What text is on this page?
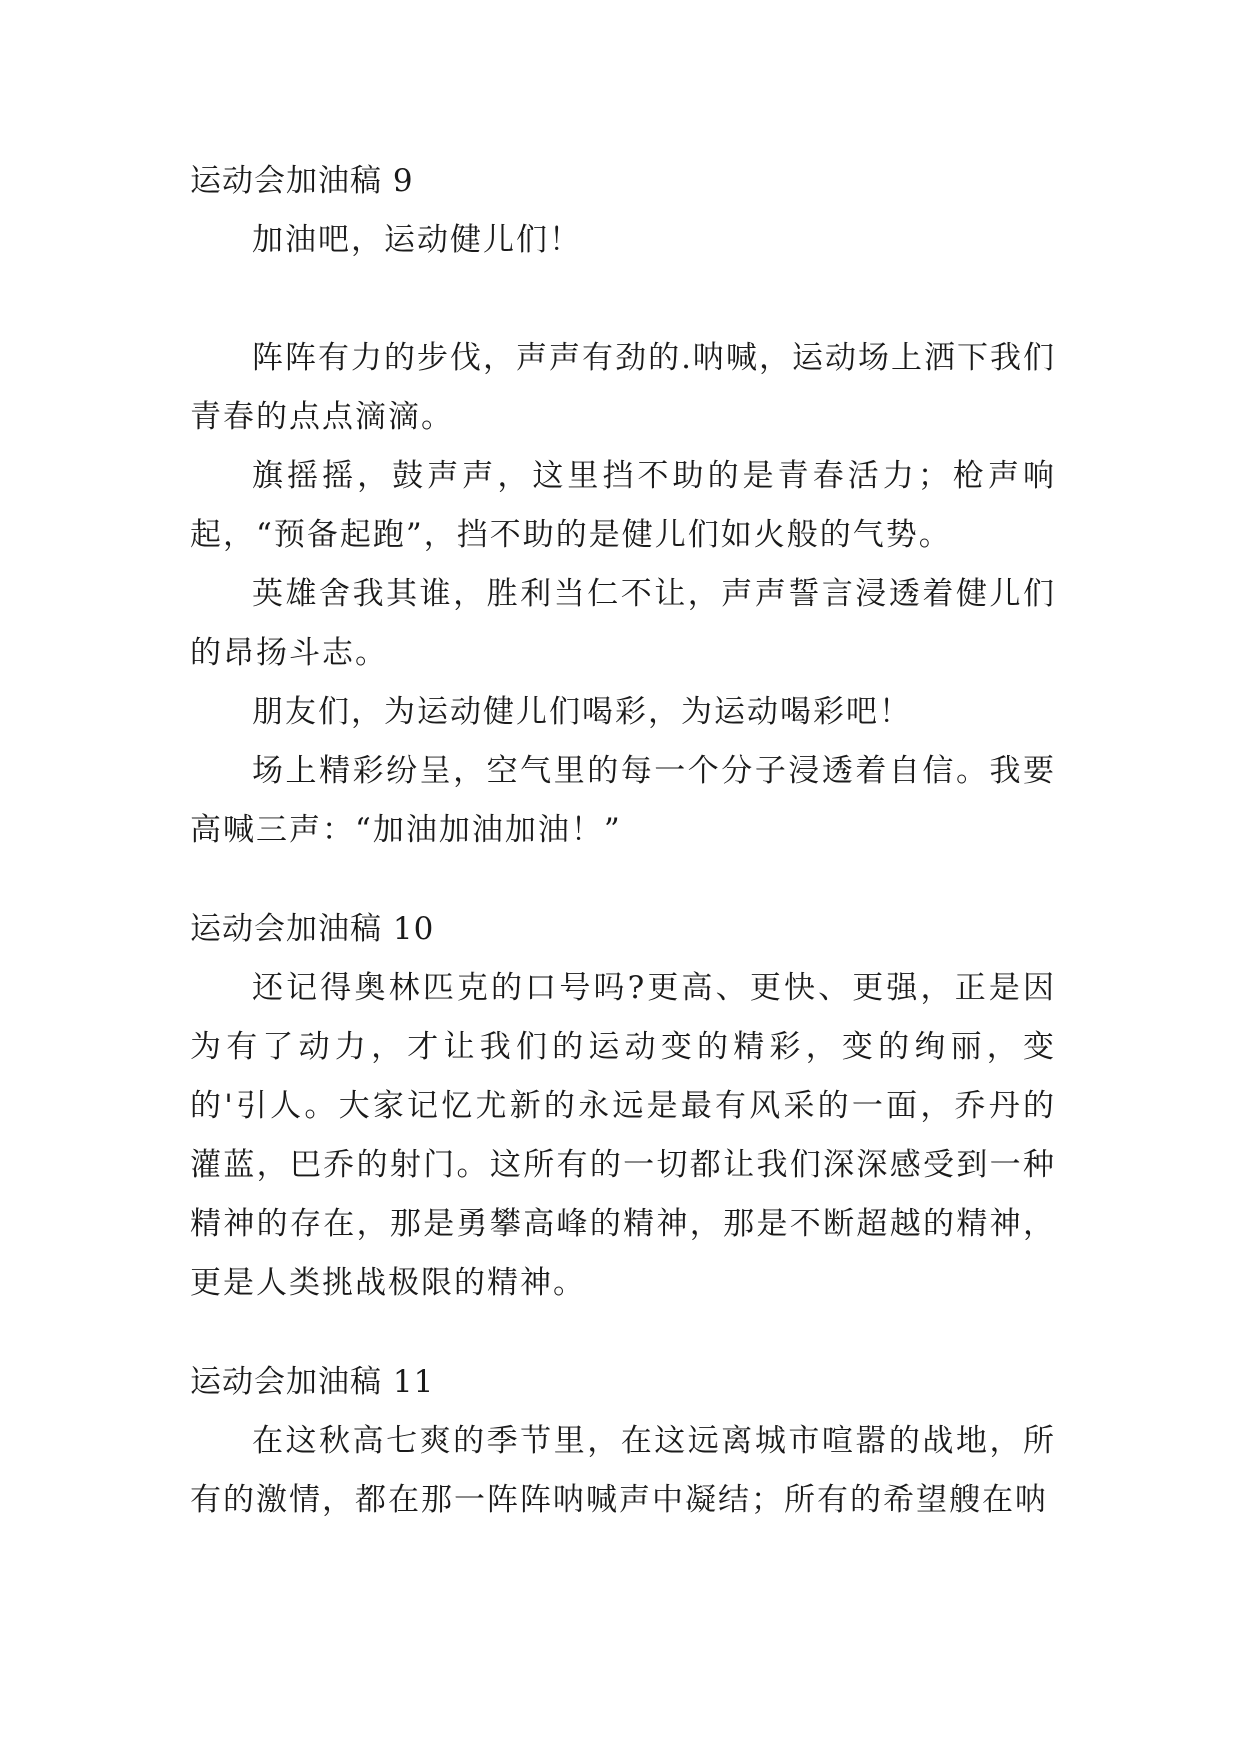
运动会加油稿 9

加油吧，运动健儿们！

阵阵有力的步伐，声声有劲的.呐喊，运动场上洒下我们青春的点点滴滴。

旗摇摇，鼓声声，这里挡不助的是青春活力；枪声响起，“预备起跑”，挡不助的是健儿们如火般的气势。

英雄舍我其谁，胜利当仁不让，声声誓言浸透着健儿们的昂扬斗志。

朋友们，为运动健儿们喝彩，为运动喝彩吧！

场上精彩纷呈，空气里的每一个分子浸透着自信。我要高喊三声：“加油加油加油！”

运动会加油稿 10

还记得奥林匹克的口号吗?更高、更快、更强，正是因为有了动力，才让我们的运动变的精彩，变的绚丽，变的'引人。大家记忆尤新的永远是最有风采的一面，乔丹的灌蓝，巴乔的射门。这所有的一切都让我们深深感受到一种精神的存在，那是勇攀高峰的精神，那是不断超越的精神，更是人类挑战极限的精神。

运动会加油稿 11

在这秋高七爽的季节里，在这远离城市喧嚣的战地，所有的激情，都在那一阵阵呐喊声中凝结；所有的希望艘在呐
